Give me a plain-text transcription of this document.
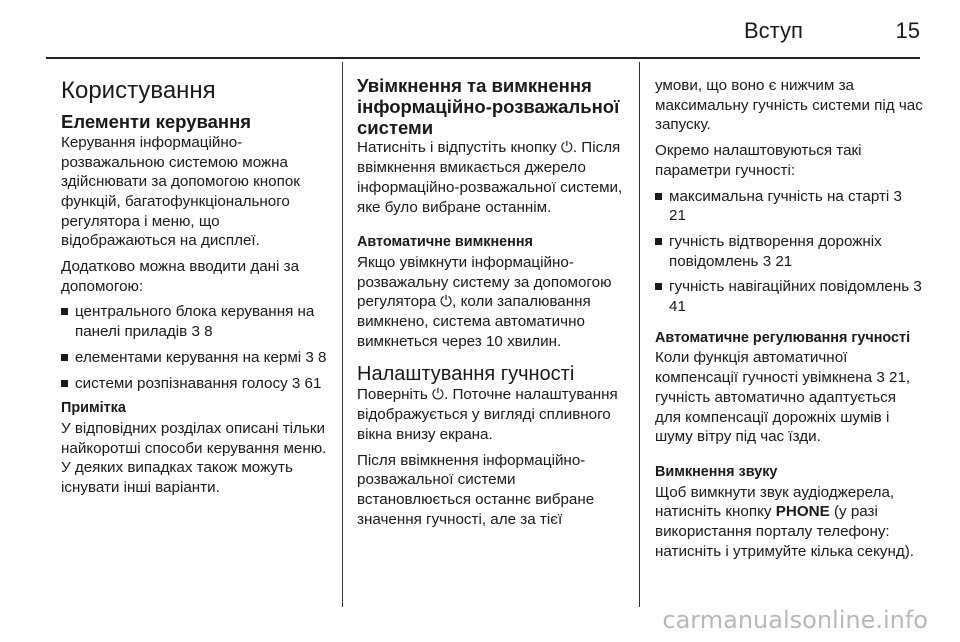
Вступ	15
Користування
Елементи керування

Керування інформаційно-розважальною системою можна здійснювати за допомогою кнопок функцій, багатофункціонального регулятора і меню, що відображаються на дисплеї.

Додатково можна вводити дані за допомогою:

центрального блока керування на панелі приладів 3 8
елементами керування на кермі 3 8
системи розпізнавання голосу 3 61
Примітка

У відповідних розділах описані тільки найкоротші способи керування меню. У деяких випадках також можуть існувати інші варіанти.

Увімкнення та вимкнення інформаційно-розважальної системи

Натисніть і відпустіть кнопку ⏻. Після ввімкнення вмикається джерело інформаційно-розважальної системи, яке було вибране останнім.

Автоматичне вимкнення

Якщо увімкнути інформаційно-розважальну систему за допомогою регулятора ⏻, коли запалювання вимкнено, система автоматично вимкнеться через 10 хвилин.

Налаштування гучності

Поверніть ⏻. Поточне налаштування відображується у вигляді спливного вікна внизу екрана.

Після ввімкнення інформаційно-розважальної системи встановлюється останнє вибране значення гучності, але за тієї

умови, що воно є нижчим за максимальну гучність системи під час запуску.

Окремо налаштовуються такі параметри гучності:

максимальна гучність на старті 3 21
гучність відтворення дорожніх повідомлень 3 21
гучність навігаційних повідомлень 3 41
Автоматичне регулювання гучності

Коли функція автоматичної компенсації гучності увімкнена 3 21, гучність автоматично адаптується для компенсації дорожніх шумів і шуму вітру під час їзди.

Вимкнення звуку

Щоб вимкнути звук аудіоджерела, натисніть кнопку PHONE (у разі використання порталу телефону: натисніть і утримуйте кілька секунд).

carmanualsonline.info
